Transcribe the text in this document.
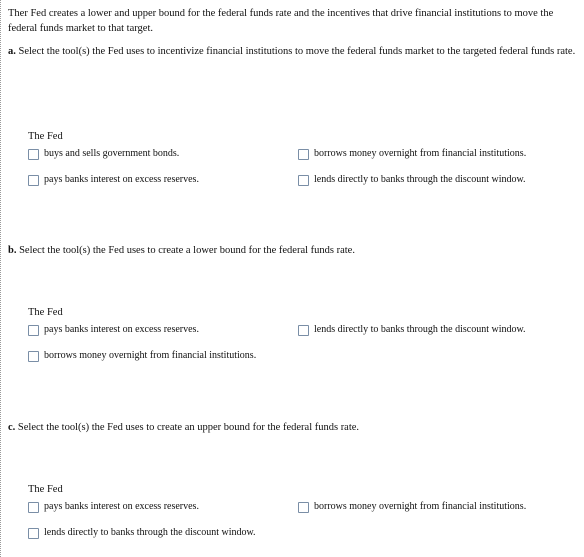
Ther Fed creates a lower and upper bound for the federal funds rate and the incentives that drive financial institutions to move the federal funds market to that target.
a. Select the tool(s) the Fed uses to incentivize financial institutions to move the federal funds market to the targeted federal funds rate.
The Fed
buys and sells government bonds.	borrows money overnight from financial institutions.
pays banks interest on excess reserves.	lends directly to banks through the discount window.
b. Select the tool(s) the Fed uses to create a lower bound for the federal funds rate.
The Fed
pays banks interest on excess reserves.	lends directly to banks through the discount window.
borrows money overnight from financial institutions.
c. Select the tool(s) the Fed uses to create an upper bound for the federal funds rate.
The Fed
pays banks interest on excess reserves.	borrows money overnight from financial institutions.
lends directly to banks through the discount window.
